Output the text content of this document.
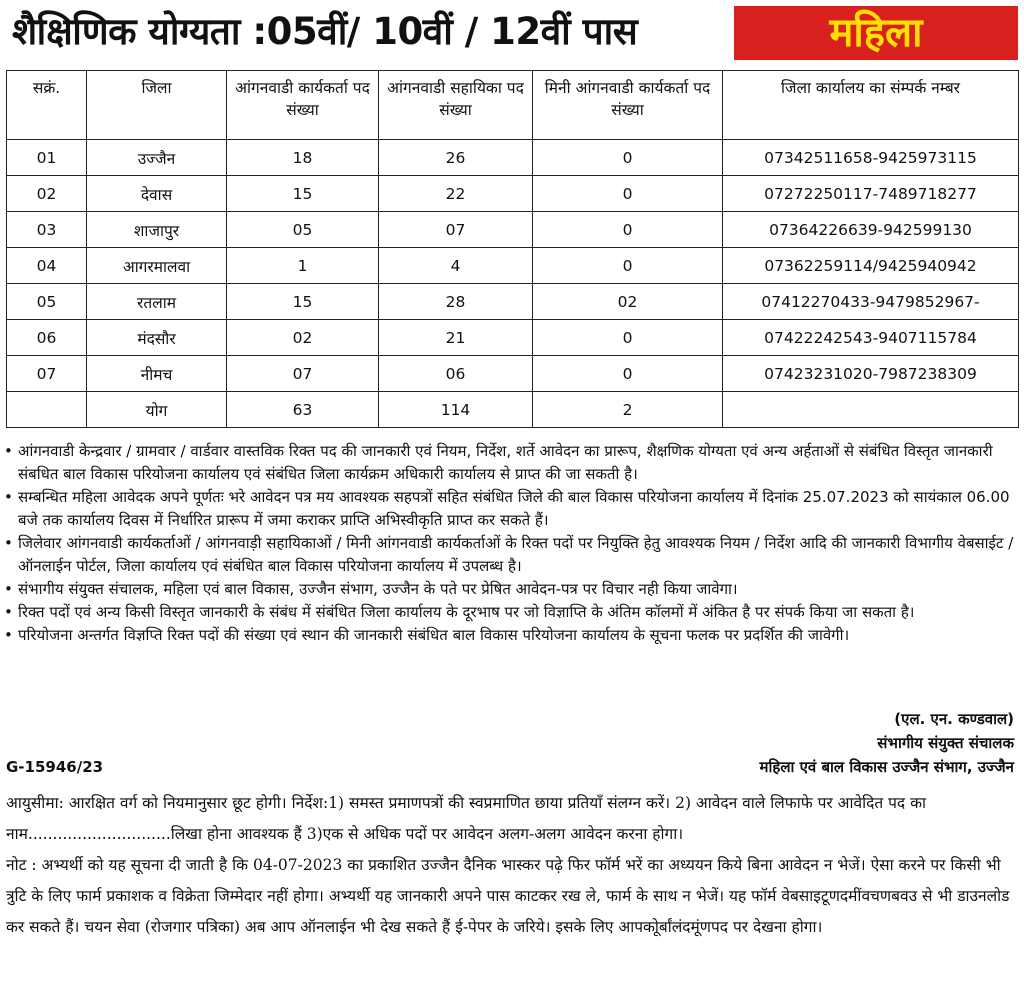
शैक्षिणिक योग्यता :05वीं/ 10वीं / 12वीं पास	महिला
सक्रं.	जिला	आंगनवाडी कार्यकर्ता पद संख्या	आंगनवाडी सहायिका पद संख्या	मिनी आंगनवाडी कार्यकर्ता पद संख्या	जिला कार्यालय का संम्पर्क नम्बर
01	उज्जैन	18	26	0	07342511658-9425973115
02	देवास	15	22	0	07272250117-7489718277
03	शाजापुर	05	07	0	07364226639-942599130
04	आगरमालवा	1	4	0	07362259114/9425940942
05	रतलाम	15	28	02	07412270433-9479852967-
06	मंदसौर	02	21	0	07422242543-9407115784
07	नीमच	07	06	0	07423231020-7987238309
	योग	63	114	2	
• आंगनवाडी केन्द्रवार / ग्रामवार / वार्डवार वास्तविक रिक्त पद की जानकारी एवं नियम, निर्देश, शर्ते आवेदन का प्रारूप, शैक्षणिक योग्यता एवं अन्य अर्हताओं से संबंधित विस्तृत जानकारी संबधित बाल विकास परियोजना कार्यालय एवं संबंधित जिला कार्यक्रम अधिकारी कार्यालय से प्राप्त की जा सकती है।
• सम्बन्धित महिला आवेदक अपने पूर्णतः भरे आवेदन पत्र मय आवश्यक सहपत्रों सहित संबंधित जिले की बाल विकास परियोजना कार्यालय में दिनांक 25.07.2023 को सायंकाल 06.00 बजे तक कार्यालय दिवस में निर्धारित प्रारूप में जमा कराकर प्राप्ति अभिस्वीकृति प्राप्त कर सकते हैं।
• जिलेवार आंगनवाडी कार्यकर्ताओं / आंगनवाड़ी सहायिकाओं / मिनी आंगनवाडी कार्यकर्ताओं के रिक्त पदों पर नियुक्ति हेतु आवश्यक नियम / निर्देश आदि की जानकारी विभागीय वेबसाईट / ऑनलाईन पोर्टल, जिला कार्यालय एवं संबंधित बाल विकास परियोजना कार्यालय में उपलब्ध है।
• संभागीय संयुक्त संचालक, महिला एवं बाल विकास, उज्जैन संभाग, उज्जैन के पते पर प्रेषित आवेदन-पत्र पर विचार नही किया जावेगा।
• रिक्त पदों एवं अन्य किसी विस्तृत जानकारी के संबंध में संबंधित जिला कार्यालय के दूरभाष पर जो विज्ञाप्ति के अंतिम कॉलमों में अंकित है पर संपर्क किया जा सकता है।
• परियोजना अन्तर्गत विज्ञप्ति रिक्त पदों की संख्या एवं स्थान की जानकारी संबंधित बाल विकास परियोजना कार्यालय के सूचना फलक पर प्रदर्शित की जावेगी।
(एल. एन. कण्डवाल)
संभागीय संयुक्त संचालक
महिला एवं बाल विकास उज्जैन संभाग, उज्जैन
G-15946/23
आयुसीमा: आरक्षित वर्ग को नियमानुसार छूट होगी। निर्देश:1) समस्त प्रमाणपत्रों की स्वप्रमाणित छाया प्रतियाँ संलग्न करें। 2) आवेदन वाले लिफाफे पर आवेदित पद का नाम.............................लिखा होना आवश्यक हैं 3)एक से अधिक पदों पर आवेदन अलग-अलग आवेदन करना होगा।
नोट : अभ्यर्थी को यह सूचना दी जाती है कि 04-07-2023 का प्रकाशित उज्जैन दैनिक भास्कर पढ़े फिर फॉर्म भरें का अध्ययन किये बिना आवेदन न भेजें। ऐसा करने पर किसी भी त्रुटि के लिए फार्म प्रकाशक व विक्रेता जिम्मेदार नहीं होगा। अभ्यर्थी यह जानकारी अपने पास काटकर रख ले, फार्म के साथ न भेजें। यह फॉर्म वेबसाइटूणदमींवचणबवउ से भी डाउनलोड कर सकते हैं। चयन सेवा (रोजगार पत्रिका) अब आप ऑनलाईन भी देख सकते हैं ई-पेपर के जरिये। इसके लिए आपकोूर्बांलंदमूंणपद पर देखना होगा।
